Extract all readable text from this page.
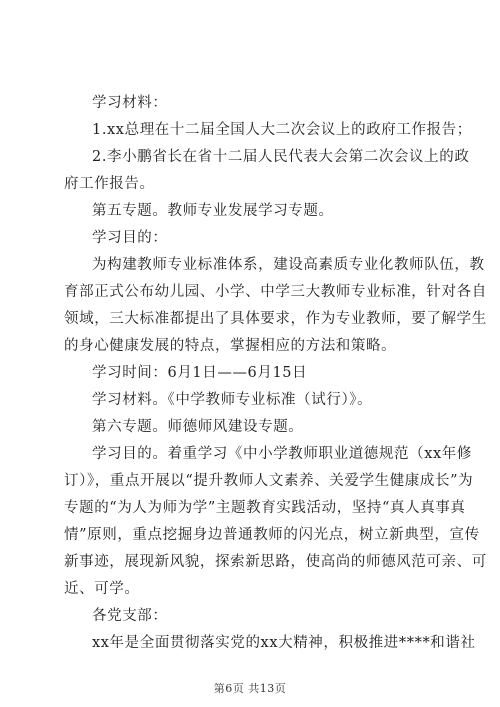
学习材料：
1.xx总理在十二届全国人大二次会议上的政府工作报告；
2.李小鹏省长在省十二届人民代表大会第二次会议上的政
府工作报告。
第五专题。教师专业发展学习专题。
学习目的：
为构建教师专业标准体系，建设高素质专业化教师队伍，教
育部正式公布幼儿园、小学、中学三大教师专业标准，针对各自
领域，三大标准都提出了具体要求，作为专业教师，要了解学生
的身心健康发展的特点，掌握相应的方法和策略。
学习时间：6月1日——6月15日
学习材料。《中学教师专业标准（试行）》。
第六专题。师德师风建设专题。
学习目的。着重学习《中小学教师职业道德规范（xx年修
订）》，重点开展以“提升教师人文素养、关爱学生健康成长”为
专题的“为人为师为学”主题教育实践活动，坚持“真人真事真
情”原则，重点挖掘身边普通教师的闪光点，树立新典型，宣传
新事迹，展现新风貌，探索新思路，使高尚的师德风范可亲、可
近、可学。
各党支部：
xx年是全面贯彻落实党的xx大精神，积极推进****和谐社
第6页 共13页
